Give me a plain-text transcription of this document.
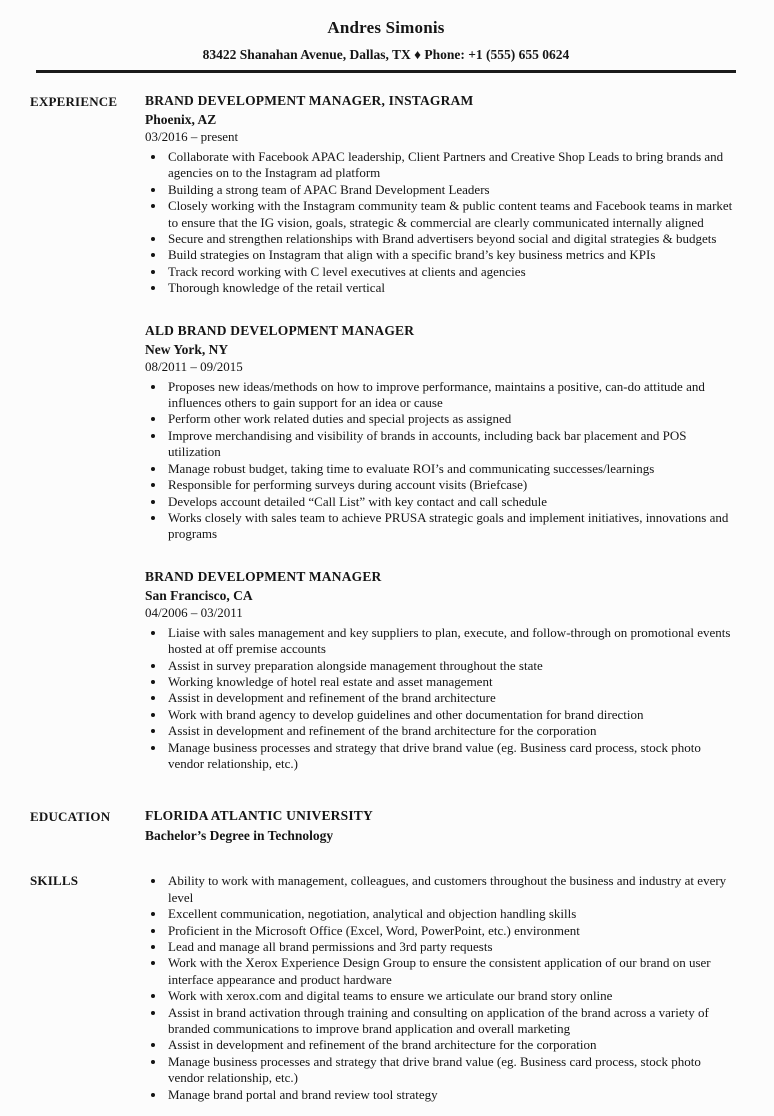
Andres Simonis
83422 Shanahan Avenue, Dallas, TX ♦ Phone: +1 (555) 655 0624
EXPERIENCE	BRAND DEVELOPMENT MANAGER, INSTAGRAM
Phoenix, AZ
03/2016 – present
• Collaborate with Facebook APAC leadership, Client Partners and Creative Shop Leads to bring brands and agencies on to the Instagram ad platform
• Building a strong team of APAC Brand Development Leaders
• Closely working with the Instagram community team & public content teams and Facebook teams in market to ensure that the IG vision, goals, strategic & commercial are clearly communicated internally aligned
• Secure and strengthen relationships with Brand advertisers beyond social and digital strategies & budgets
• Build strategies on Instagram that align with a specific brand’s key business metrics and KPIs
• Track record working with C level executives at clients and agencies
• Thorough knowledge of the retail vertical
ALD BRAND DEVELOPMENT MANAGER
New York, NY
08/2011 – 09/2015
• Proposes new ideas/methods on how to improve performance, maintains a positive, can-do attitude and influences others to gain support for an idea or cause
• Perform other work related duties and special projects as assigned
• Improve merchandising and visibility of brands in accounts, including back bar placement and POS utilization
• Manage robust budget, taking time to evaluate ROI’s and communicating successes/learnings
• Responsible for performing surveys during account visits (Briefcase)
• Develops account detailed “Call List” with key contact and call schedule
• Works closely with sales team to achieve PRUSA strategic goals and implement initiatives, innovations and programs
BRAND DEVELOPMENT MANAGER
San Francisco, CA
04/2006 – 03/2011
• Liaise with sales management and key suppliers to plan, execute, and follow-through on promotional events hosted at off premise accounts
• Assist in survey preparation alongside management throughout the state
• Working knowledge of hotel real estate and asset management
• Assist in development and refinement of the brand architecture
• Work with brand agency to develop guidelines and other documentation for brand direction
• Assist in development and refinement of the brand architecture for the corporation
• Manage business processes and strategy that drive brand value (eg. Business card process, stock photo vendor relationship, etc.)
EDUCATION	FLORIDA ATLANTIC UNIVERSITY
Bachelor’s Degree in Technology
SKILLS	• Ability to work with management, colleagues, and customers throughout the business and industry at every level
• Excellent communication, negotiation, analytical and objection handling skills
• Proficient in the Microsoft Office (Excel, Word, PowerPoint, etc.) environment
• Lead and manage all brand permissions and 3rd party requests
• Work with the Xerox Experience Design Group to ensure the consistent application of our brand on user interface appearance and product hardware
• Work with xerox.com and digital teams to ensure we articulate our brand story online
• Assist in brand activation through training and consulting on application of the brand across a variety of branded communications to improve brand application and overall marketing
• Assist in development and refinement of the brand architecture for the corporation
• Manage business processes and strategy that drive brand value (eg. Business card process, stock photo vendor relationship, etc.)
• Manage brand portal and brand review tool strategy
